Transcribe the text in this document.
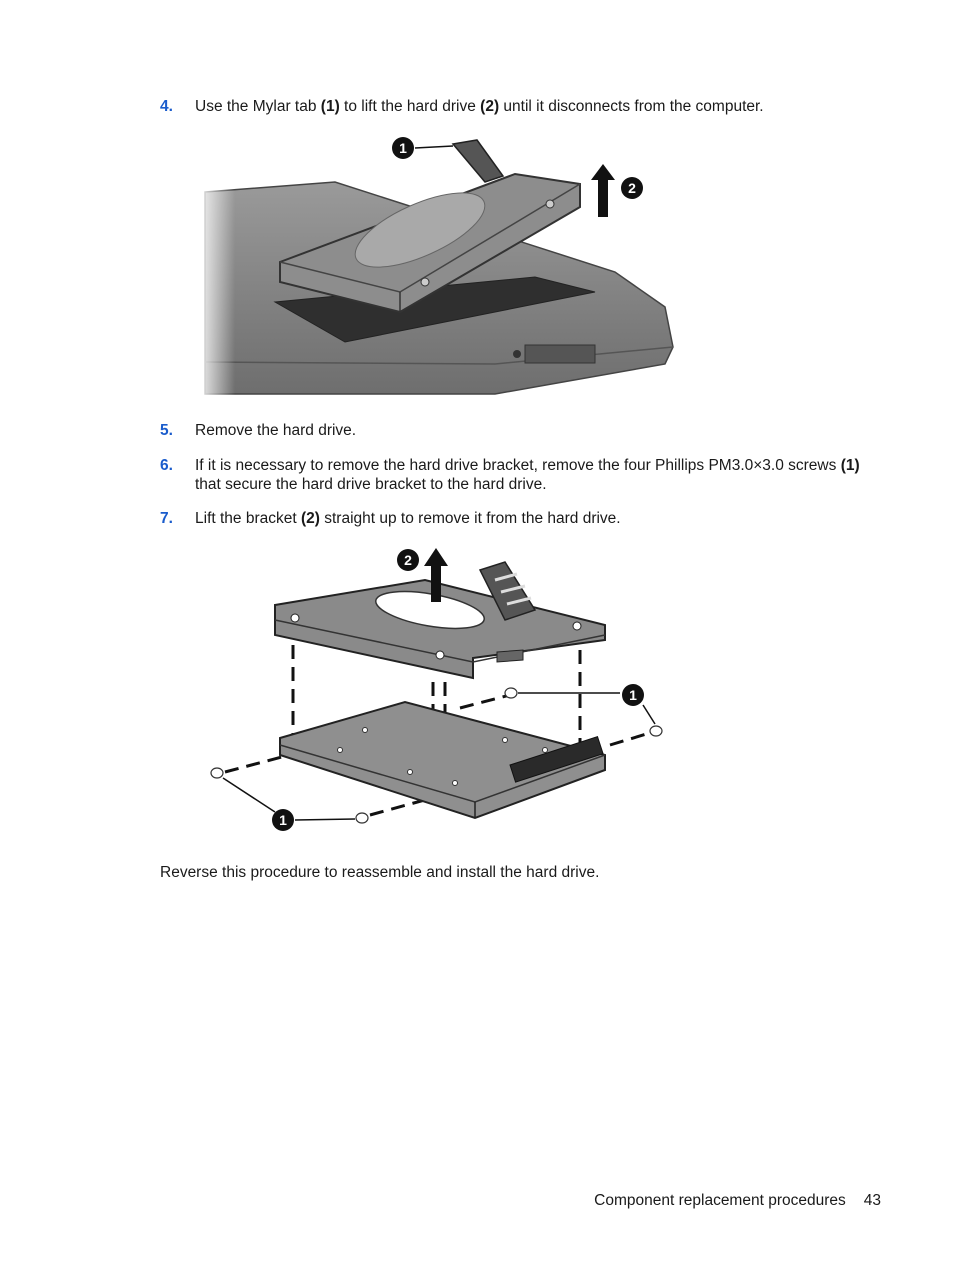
4. Use the Mylar tab (1) to lift the hard drive (2) until it disconnects from the computer.
1
2
5. Remove the hard drive.
6. If it is necessary to remove the hard drive bracket, remove the four Phillips PM3.0×3.0 screws (1) that secure the hard drive bracket to the hard drive.
7. Lift the bracket (2) straight up to remove it from the hard drive.
2
1
1
Reverse this procedure to reassemble and install the hard drive.
Component replacement procedures 43
